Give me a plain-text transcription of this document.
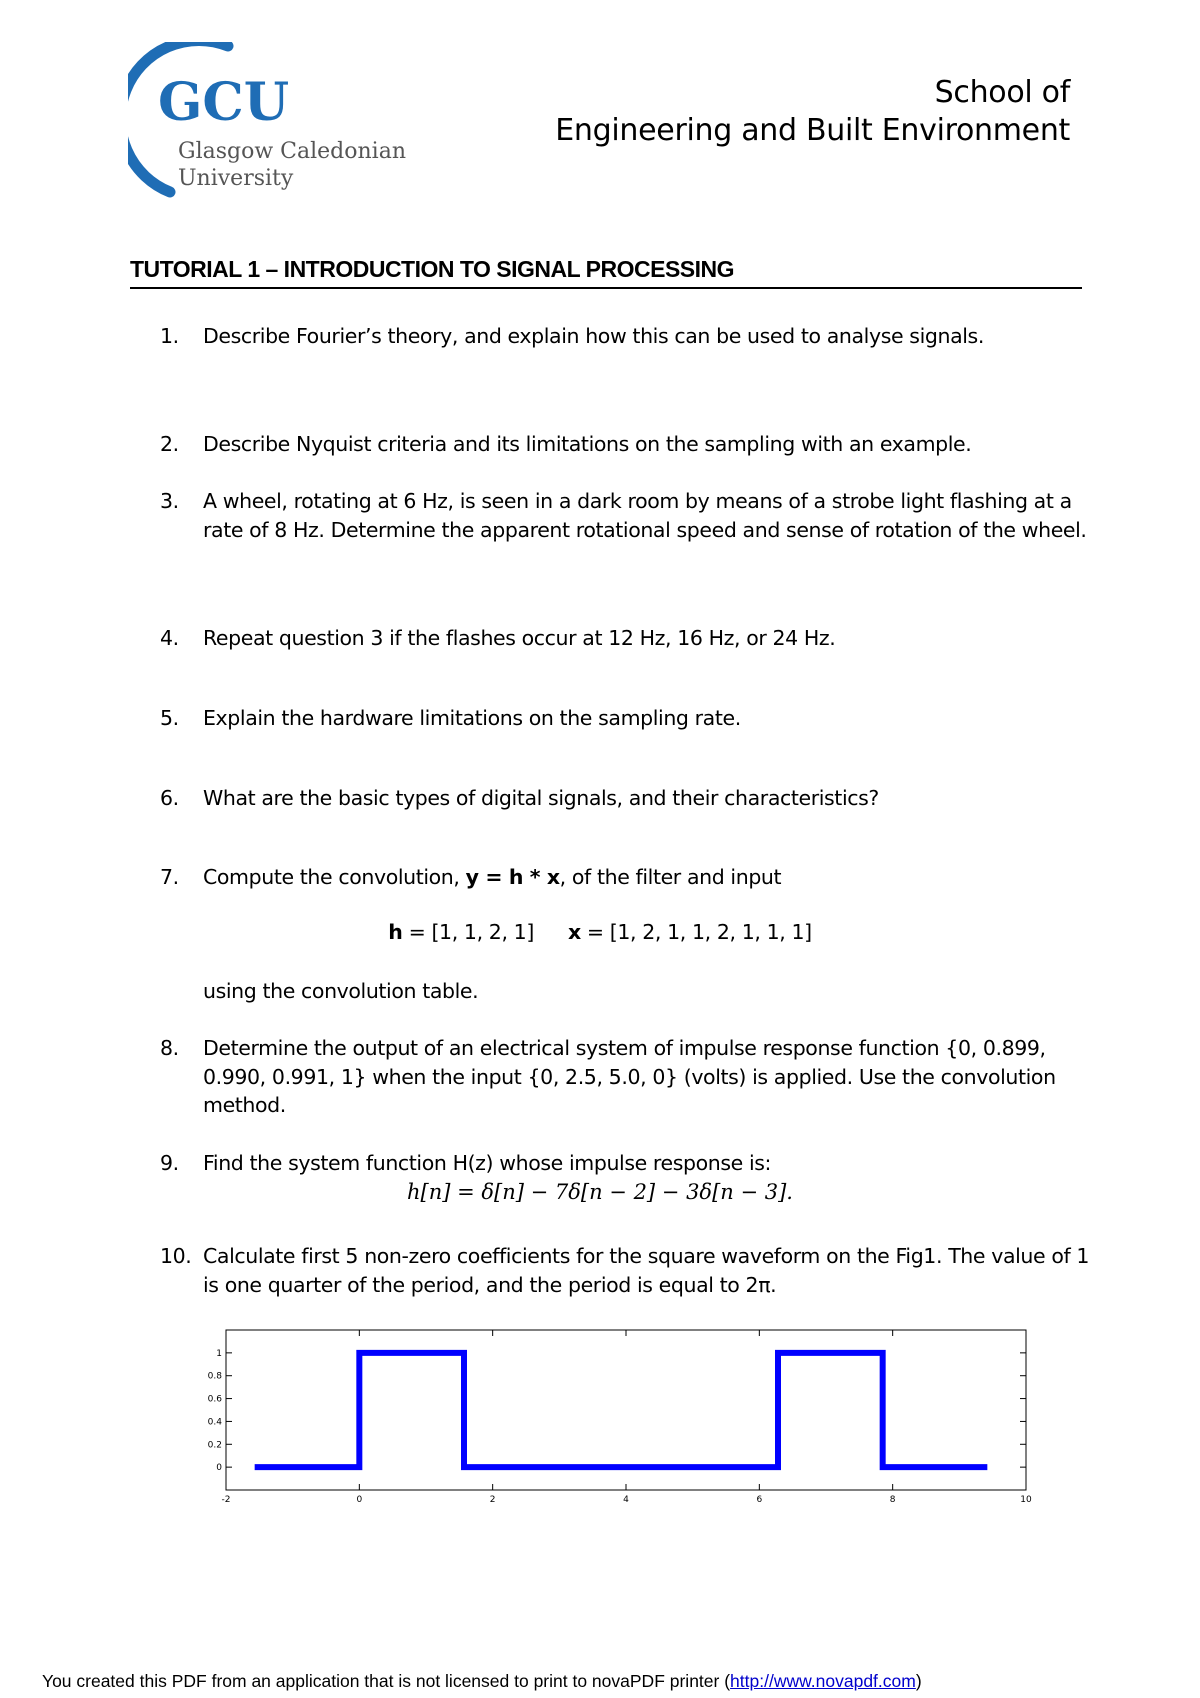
GCU
Glasgow Caledonian
University
School of
Engineering and Built Environment
TUTORIAL 1 – INTRODUCTION TO SIGNAL PROCESSING
1. Describe Fourier’s theory, and explain how this can be used to analyse signals.
2. Describe Nyquist criteria and its limitations on the sampling with an example.
3. A wheel, rotating at 6 Hz, is seen in a dark room by means of a strobe light flashing at a rate of 8 Hz. Determine the apparent rotational speed and sense of rotation of the wheel.
4. Repeat question 3 if the flashes occur at 12 Hz, 16 Hz, or 24 Hz.
5. Explain the hardware limitations on the sampling rate.
6. What are the basic types of digital signals, and their characteristics?
7. Compute the convolution, y = h * x, of the filter and input
h = [1, 1, 2, 1] x = [1, 2, 1, 1, 2, 1, 1, 1]
using the convolution table.
8. Determine the output of an electrical system of impulse response function {0, 0.899, 0.990, 0.991, 1} when the input {0, 2.5, 5.0, 0} (volts) is applied. Use the convolution method.
9. Find the system function H(z) whose impulse response is:
h[n] = δ[n] − 7δ[n − 2] − 3δ[n − 3].
10. Calculate first 5 non-zero coefficients for the square waveform on the Fig1. The value of 1 is one quarter of the period, and the period is equal to 2π.
-2	0	2	4	6	8	10
0
0.2
0.4
0.6
0.8
1
You created this PDF from an application that is not licensed to print to novaPDF printer (http://www.novapdf.com)
